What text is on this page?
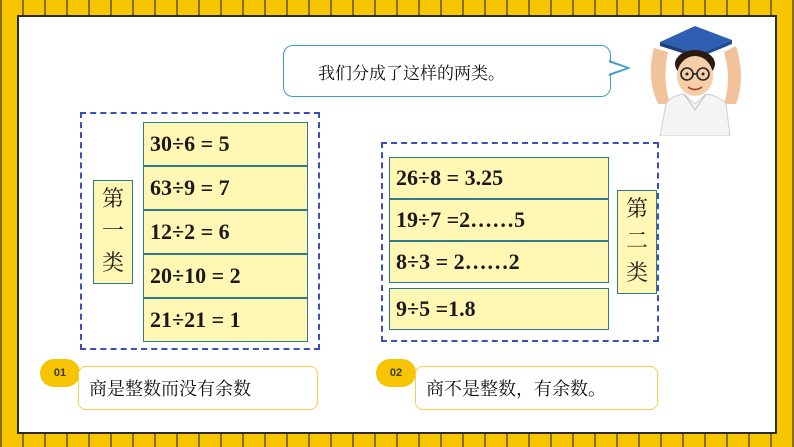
我们分成了这样的两类。
第
一
类
30÷6 = 5
63÷9 = 7
12÷2 = 6
20÷10 = 2
21÷21 = 1
26÷8 = 3.25
19÷7 =2……5
8÷3 = 2……2
9÷5 =1.8
第
二
类
01
商是整数而没有余数
02
商不是整数，有余数。
